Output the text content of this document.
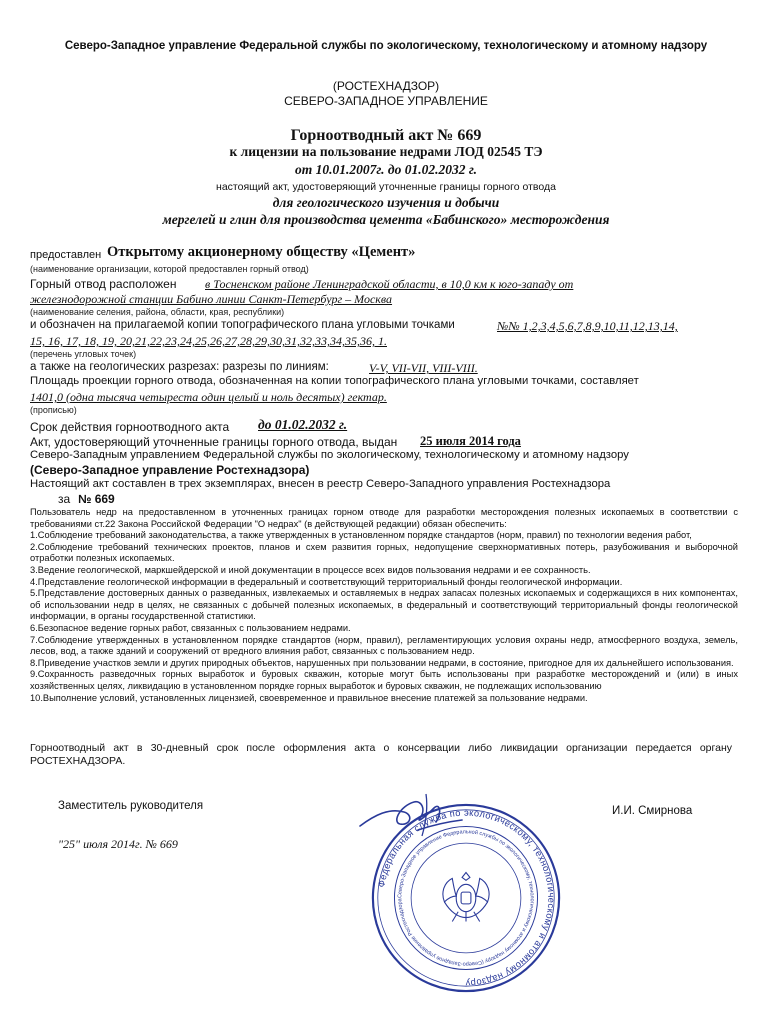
Северо-Западное управление Федеральной службы по экологическому, технологическому и атомному надзору
(РОСТЕХНАДЗОР)
СЕВЕРО-ЗАПАДНОЕ УПРАВЛЕНИЕ
Горноотводный акт № 669
к лицензии на пользование недрами ЛОД 02545 ТЭ
от 10.01.2007г. до 01.02.2032 г.
настоящий акт, удостоверяющий уточненные границы горного отвода
для геологического изучения и добычи
мергелей и глин для производства цемента «Бабинского» месторождения
предоставлен Открытому акционерному обществу «Цемент»
(наименование организации, которой предоставлен горный отвод)
Горный отвод расположен в Тосненском районе Ленинградской области, в 10,0 км к юго-западу от
железнодорожной станции Бабино линии Санкт-Петербург – Москва
(наименование селения, района, области, края, республики)
и обозначен на прилагаемой копии топографического плана угловыми точками	№№ 1,2,3,4,5,6,7,8,9,10,11,12,13,14,
15, 16, 17, 18, 19, 20,21,22,23,24,25,26,27,28,29,30,31,32,33,34,35,36, 1.
(перечень угловых точек)
а также на геологических разрезах: разрезы по линиям:	V-V, VII-VII, VIII-VIII.
Площадь проекции горного отвода, обозначенная на копии топографического плана угловыми точками, составляет
1401,0 (одна тысяча четыреста один целый и ноль десятых) гектар.
(прописью)
Срок действия горноотводного акта до 01.02.2032 г.
Акт, удостоверяющий уточненные границы горного отвода, выдан 25 июля 2014 года
Северо-Западным управлением Федеральной службы по экологическому, технологическому и атомному надзору
(Северо-Западное управление Ростехнадзора)
Настоящий акт составлен в трех экземплярах, внесен в реестр Северо-Западного управления Ростехнадзора
за № 669

Пользователь недр на предоставленном в уточненных границах горном отводе для разработки месторождения полезных ископаемых в соответствии с требованиями ст.22 Закона Российской Федерации "О недрах" (в действующей редакции) обязан обеспечить:

1.Соблюдение требований законодательства, а также утвержденных в установленном порядке стандартов (норм, правил) по технологии ведения работ,

2.Соблюдение требований технических проектов, планов и схем развития горных, недопущение сверхнормативных потерь, разубоживания и выборочной отработки полезных ископаемых.

3.Ведение геологической, маркшейдерской и иной документации в процессе всех видов пользования недрами и ее сохранность.

4.Представление геологической информации в федеральный и соответствующий территориальный фонды геологической информации.

5.Представление достоверных данных о разведанных, извлекаемых и оставляемых в недрах запасах полезных ископаемых и содержащихся в них компонентах, об использовании недр в целях, не связанных с добычей полезных ископаемых, в федеральный и соответствующий территориальный фонды геологической информации, в органы государственной статистики.

6.Безопасное ведение горных работ, связанных с пользованием недрами.

7.Соблюдение утвержденных в установленном порядке стандартов (норм, правил), регламентирующих условия охраны недр, атмосферного воздуха, земель, лесов, вод, а также зданий и сооружений от вредного влияния работ, связанных с пользованием недр.

8.Приведение участков земли и других природных объектов, нарушенных при пользовании недрами, в состояние, пригодное для их дальнейшего использования.

9.Сохранность разведочных горных выработок и буровых скважин, которые могут быть использованы при разработке месторождений и (или) в иных хозяйственных целях, ликвидацию в установленном порядке горных выработок и буровых скважин, не подлежащих использованию

10.Выполнение условий, установленных лицензией, своевременное и правильное внесение платежей за пользование недрами.

Горноотводный акт в 30-дневный срок после оформления акта о консервации либо ликвидации организации передается органу РОСТЕХНАДЗОРА.
Заместитель руководителя	И.И. Смирнова
"25" июля 2014г. № 669
Федеральная служба по экологическому, технологическому и атомному надзору
Северо-Западное управление Федеральной службы по экологическому, технологическому и атомному надзору (Северо-Западное управление Ростехнадзора
